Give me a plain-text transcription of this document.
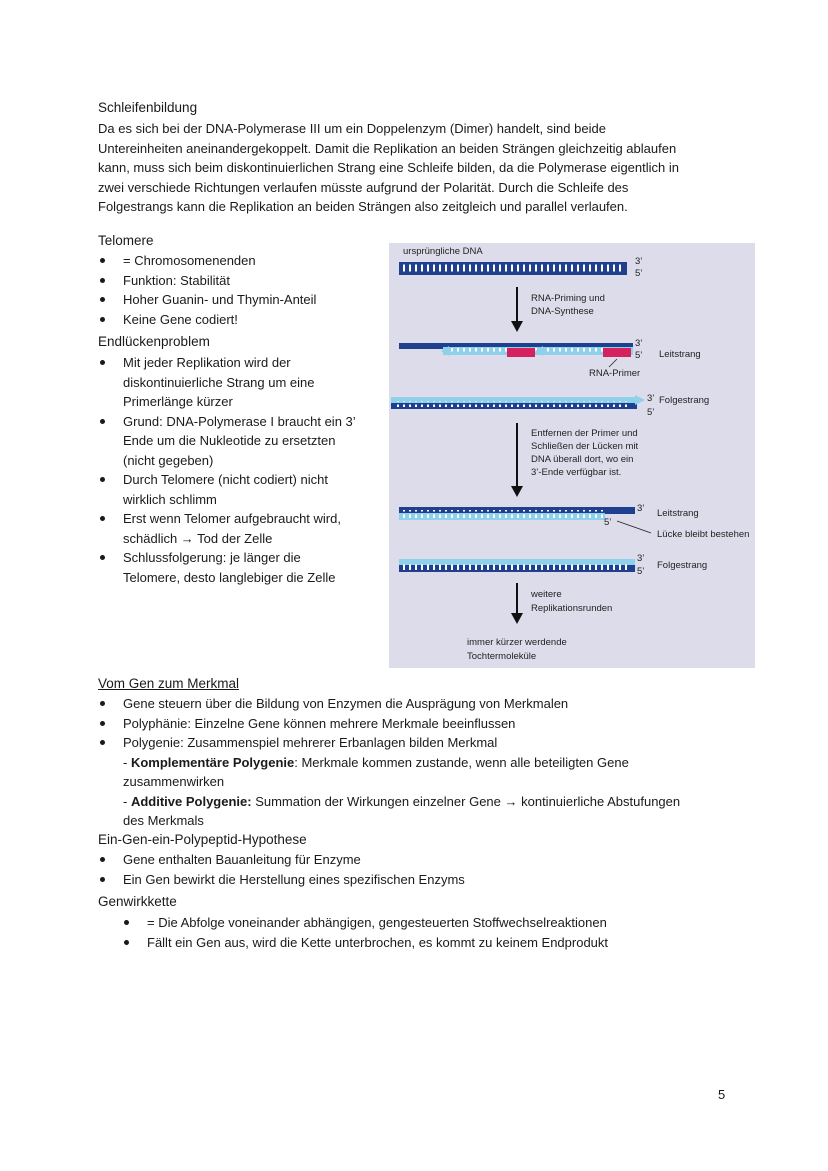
Schleifenbildung
Da es sich bei der DNA-Polymerase III um ein Doppelenzym (Dimer) handelt, sind beide
Untereinheiten aneinandergekoppelt. Damit die Replikation an beiden Strängen gleichzeitig ablaufen
kann, muss sich beim diskontinuierlichen Strang eine Schleife bilden, da die Polymerase eigentlich in
zwei verschiede Richtungen verlaufen müsste aufgrund der Polarität. Durch die Schleife des
Folgestrangs kann die Replikation an beiden Strängen also zeitgleich und parallel verlaufen.
Telomere
= Chromosomenenden
Funktion: Stabilität
Hoher Guanin- und Thymin-Anteil
Keine Gene codiert!
Endlückenproblem
Mit jeder Replikation wird der
diskontinuierliche Strang um eine
Primerlänge kürzer
Grund: DNA-Polymerase I braucht ein 3’
Ende um die Nukleotide zu ersetzten
(nicht gegeben)
Durch Telomere (nicht codiert) nicht
wirklich schlimm
Erst wenn Telomer aufgebraucht wird,
schädlich → Tod der Zelle
Schlussfolgerung: je länger die
Telomere, desto langlebiger die Zelle
ursprüngliche DNA
3’
5’
RNA-Priming und
DNA-Synthese
3’
5’ Leitstrang
RNA-Primer
3’
5’
Folgestrang
Entfernen der Primer und
Schließen der Lücken mit
DNA überall dort, wo ein
3’-Ende verfügbar ist.
3’
5’
Leitstrang
Lücke bleibt bestehen
3’
5’
Folgestrang
weitere
Replikationsrunden
immer kürzer werdende
Tochtermoleküle
Vom Gen zum Merkmal
Gene steuern über die Bildung von Enzymen die Ausprägung von Merkmalen
Polyphänie: Einzelne Gene können mehrere Merkmale beeinflussen
Polygenie: Zusammenspiel mehrerer Erbanlagen bilden Merkmal
- Komplementäre Polygenie: Merkmale kommen zustande, wenn alle beteiligten Gene
zusammenwirken
- Additive Polygenie: Summation der Wirkungen einzelner Gene → kontinuierliche Abstufungen
des Merkmals
Ein-Gen-ein-Polypeptid-Hypothese
Gene enthalten Bauanleitung für Enzyme
Ein Gen bewirkt die Herstellung eines spezifischen Enzyms
Genwirkkette
= Die Abfolge voneinander abhängigen, gengesteuerten Stoffwechselreaktionen
Fällt ein Gen aus, wird die Kette unterbrochen, es kommt zu keinem Endprodukt
5
